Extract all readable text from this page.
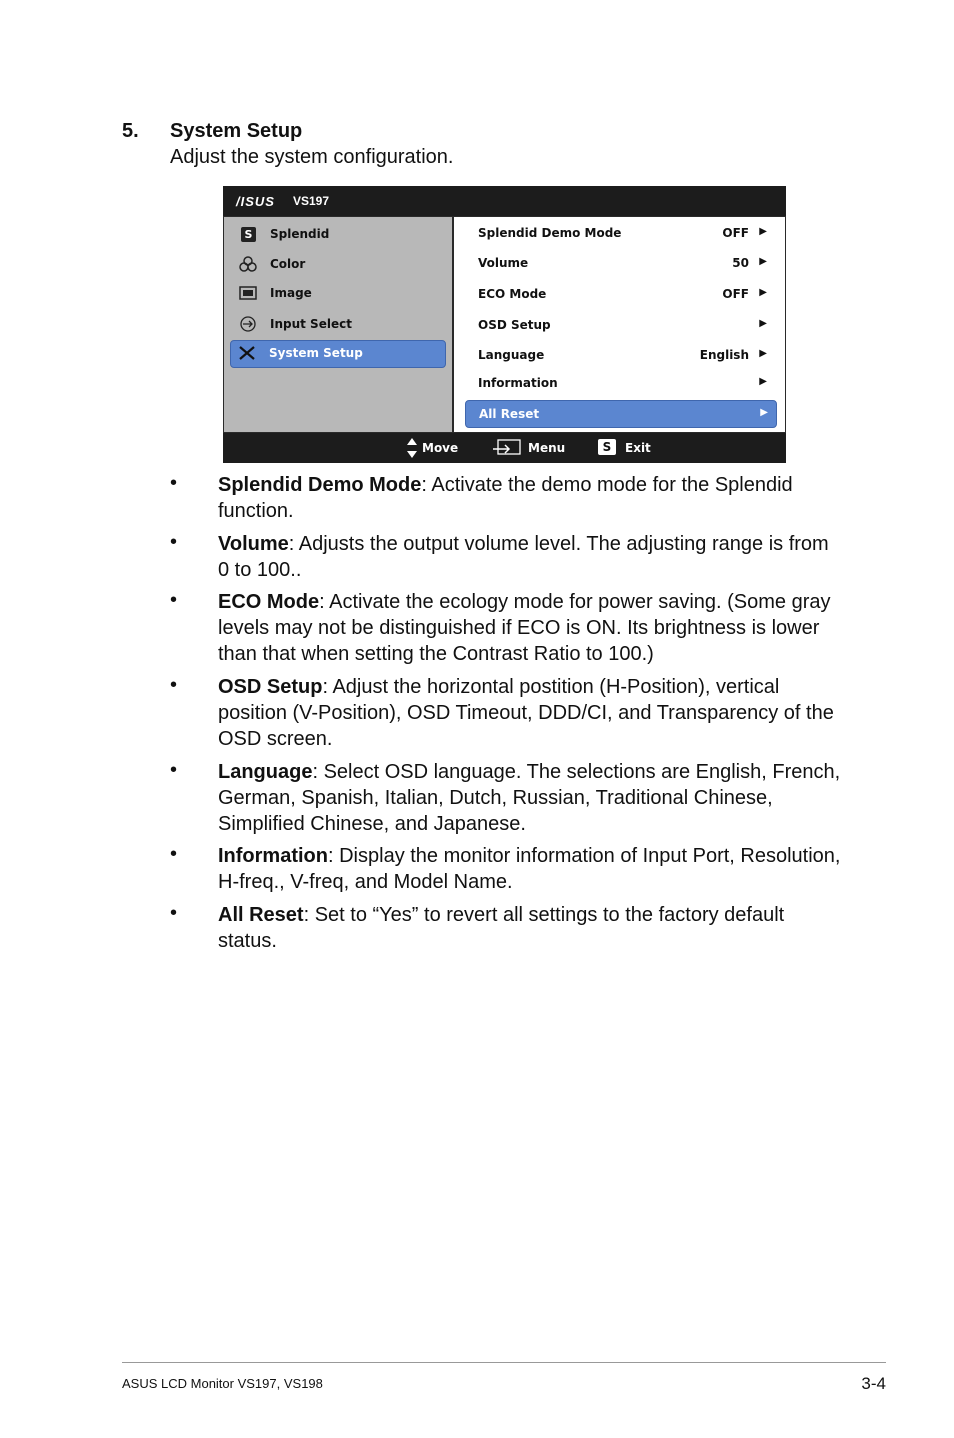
5. System Setup
Adjust the system configuration.
/ISUS VS197
S Splendid
Color
Image
Input Select
System Setup
Splendid Demo Mode	OFF ▶
Volume	50 ▶
ECO Mode	OFF ▶
OSD Setup	▶
Language	English ▶
Information	▶
All Reset	▶
Move	Menu	S	Exit
• Splendid Demo Mode: Activate the demo mode for the Splendid function.
• Volume: Adjusts the output volume level. The adjusting range is from 0 to 100..
• ECO Mode: Activate the ecology mode for power saving. (Some gray levels may not be distinguished if ECO is ON. Its brightness is lower than that when setting the Contrast Ratio to 100.)
• OSD Setup: Adjust the horizontal postition (H-Position), vertical position (V-Position), OSD Timeout, DDD/CI, and Transparency of the OSD screen.
• Language: Select OSD language. The selections are English, French, German, Spanish, Italian, Dutch, Russian, Traditional Chinese, Simplified Chinese, and Japanese.
• Information: Display the monitor information of Input Port, Resolution, H-freq., V-freq, and Model Name.
• All Reset: Set to “Yes” to revert all settings to the factory default status.
ASUS LCD Monitor VS197, VS198	3-4
